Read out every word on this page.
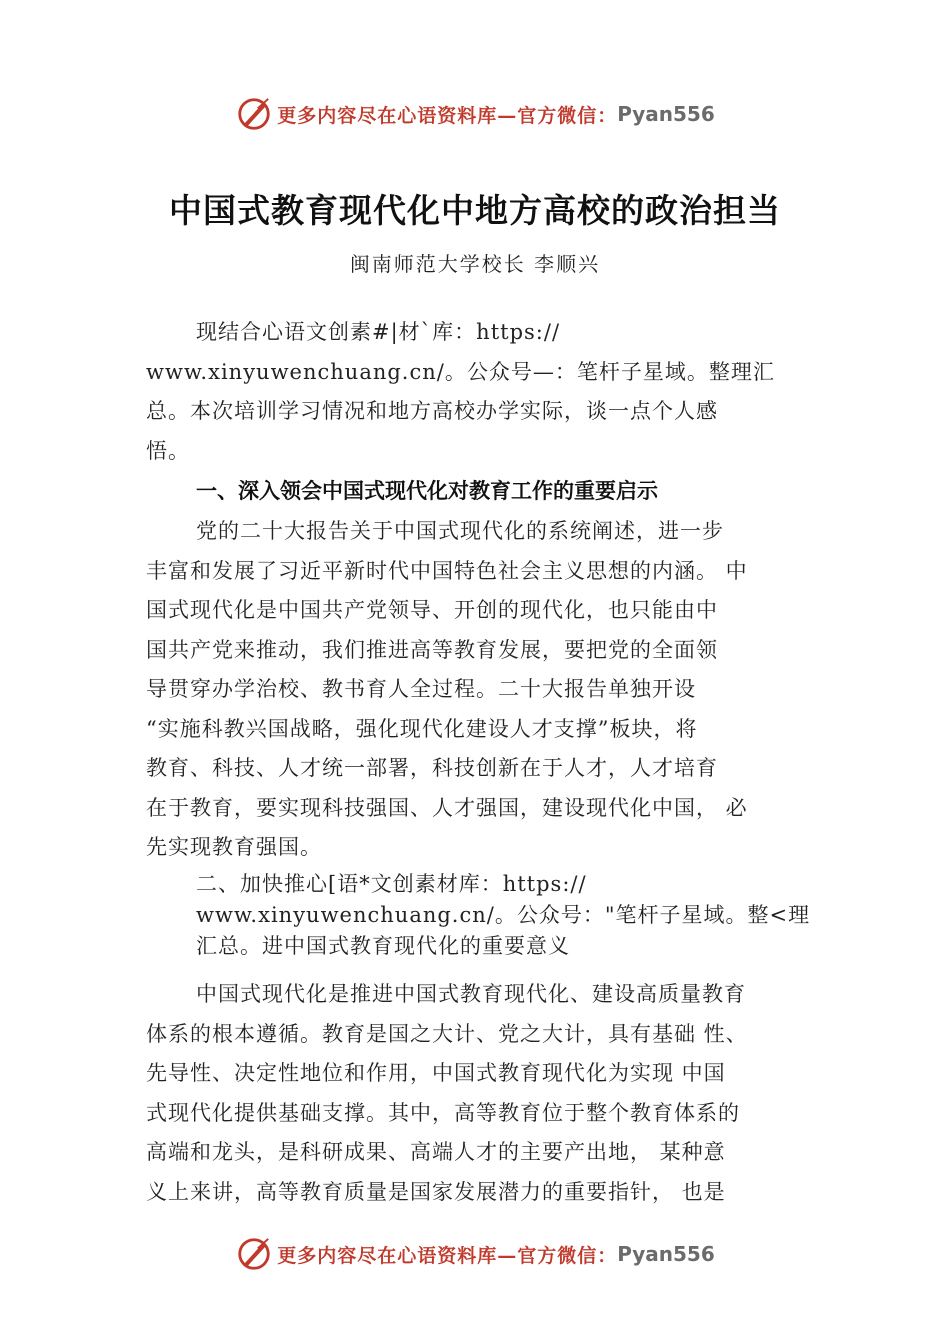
更多内容尽在心语资料库—官方微信： Pyan556
中国式教育现代化中地方高校的政治担当
闽南师范大学校长 李顺兴
现结合心语文创素#|材`库：https://
www.xinyuwenchuang.cn/。公众号—：笔杆子星域。整理汇
总。本次培训学习情况和地方高校办学实际，谈一点个人感
悟。
一、深入领会中国式现代化对教育工作的重要启示
党的二十大报告关于中国式现代化的系统阐述，进一步
丰富和发展了习近平新时代中国特色社会主义思想的内涵。 中
国式现代化是中国共产党领导、开创的现代化，也只能由中
国共产党来推动，我们推进高等教育发展，要把党的全面领
导贯穿办学治校、教书育人全过程。二十大报告单独开设
“实施科教兴国战略，强化现代化建设人才支撑”板块，将
教育、科技、人才统一部署，科技创新在于人才，人才培育
在于教育，要实现科技强国、人才强国，建设现代化中国， 必
先实现教育强国。
二、加快推心[语*文创素材库：https://
www.xinyuwenchuang.cn/。公众号："笔杆子星域。整<理
汇总。进中国式教育现代化的重要意义
中国式现代化是推进中国式教育现代化、建设高质量教育
体系的根本遵循。教育是国之大计、党之大计，具有基础 性、
先导性、决定性地位和作用，中国式教育现代化为实现 中国
式现代化提供基础支撑。其中，高等教育位于整个教育体系的
高端和龙头，是科研成果、高端人才的主要产出地， 某种意
义上来讲，高等教育质量是国家发展潜力的重要指针， 也是
更多内容尽在心语资料库—官方微信： Pyan556
